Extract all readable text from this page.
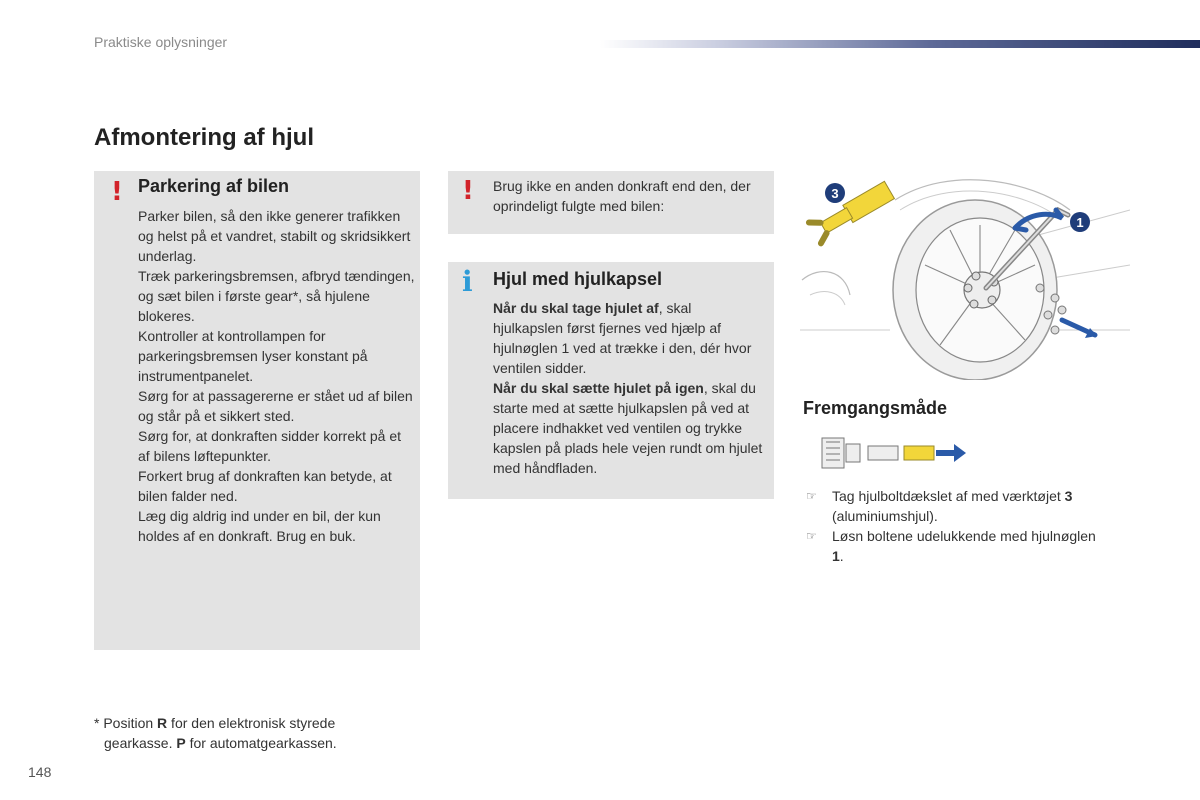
Praktiske oplysninger
Afmontering af hjul
! Parkering af bilen

Parker bilen, så den ikke generer trafikken og helst på et vandret, stabilt og skridsikkert underlag.

Træk parkeringsbremsen, afbryd tændingen, og sæt bilen i første gear*, så hjulene blokeres.

Kontroller at kontrollampen for parkeringsbremsen lyser konstant på instrumentpanelet.

Sørg for at passagererne er stået ud af bilen og står på et sikkert sted.

Sørg for, at donkraften sidder korrekt på et af bilens løftepunkter.

Forkert brug af donkraften kan betyde, at bilen falder ned.

Læg dig aldrig ind under en bil, der kun holdes af en donkraft. Brug en buk.

! Brug ikke en anden donkraft end den, der oprindeligt fulgte med bilen:

i Hjul med hjulkapsel

Når du skal tage hjulet af, skal hjulkapslen først fjernes ved hjælp af hjulnøglen 1 ved at trække i den, dér hvor ventilen sidder.
Når du skal sætte hjulet på igen, skal du starte med at sætte hjulkapslen på ved at placere indhakket ved ventilen og trykke kapslen på plads hele vejen rundt om hjulet med håndfladen.

1
3
Fremgangsmåde
☞ Tag hjulboltdækslet af med værktøjet 3 (aluminiumshjul).
☞ Løsn boltene udelukkende med hjulnøglen 1.
* Position R for den elektronisk styrede
gearkasse. P for automatgearkassen.
148
